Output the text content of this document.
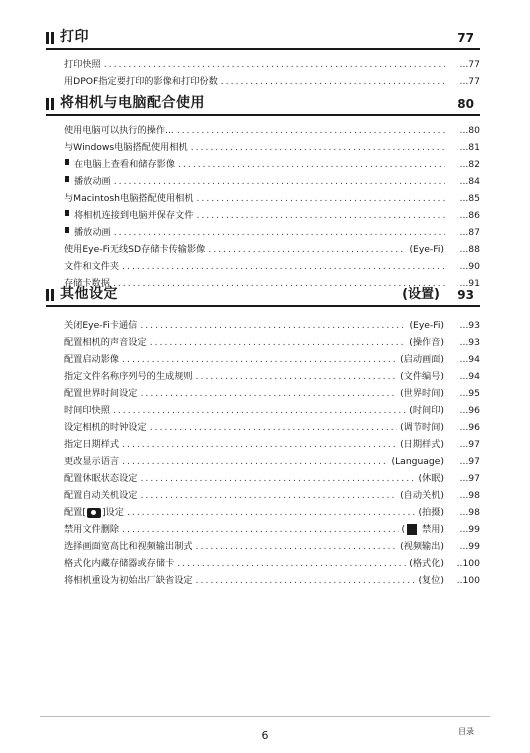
打印	77
打印快照 .....	...77
用DPOF指定要打印的影像和打印份数 .....	...77
将相机与电脑配合使用	80
使用电脑可以执行的操作... .....	...80
与Windows电脑搭配使用相机 .....	...81
在电脑上查看和储存影像 .....	...82
播放动画 .....	...84
与Macintosh电脑搭配使用相机 .....	...85
将相机连接到电脑并保存文件 .....	...86
播放动画 .....	...87
使用Eye-Fi无线SD存储卡传输影像 .....	(Eye-Fi)	...88
文件和文件夹 .....	...90
存储卡数据 .....	...91
其他设定	(设置) 93
关闭Eye-Fi卡通信 .....	(Eye-Fi)	...93
配置相机的声音设定 .....	(操作音)	...93
配置启动影像 .....	(启动画面)	...94
指定文件名称序列号的生成规则 .....	(文件编号)	...94
配置世界时间设定 .....	(世界时间)	...95
时间印快照 .....	(时间印)	...96
设定相机的时钟设定 .....	(调节时间)	...96
指定日期样式 .....	(日期样式)	...97
更改显示语言 .....	(Language)	...97
配置休眠状态设定 .....	(休眠)	...97
配置自动关机设定 .....	(自动关机)	...98
配置[ ]设定 .....	(拍摄)	...98
禁用文件删除 .....	( 禁用)	...99
选择画面宽高比和视频输出制式 .....	(视频输出)	...99
格式化内藏存储器或存储卡 .....	(格式化)	..100
将相机重设为初始出厂缺省设定 .....	(复位)	..100
6	目录
